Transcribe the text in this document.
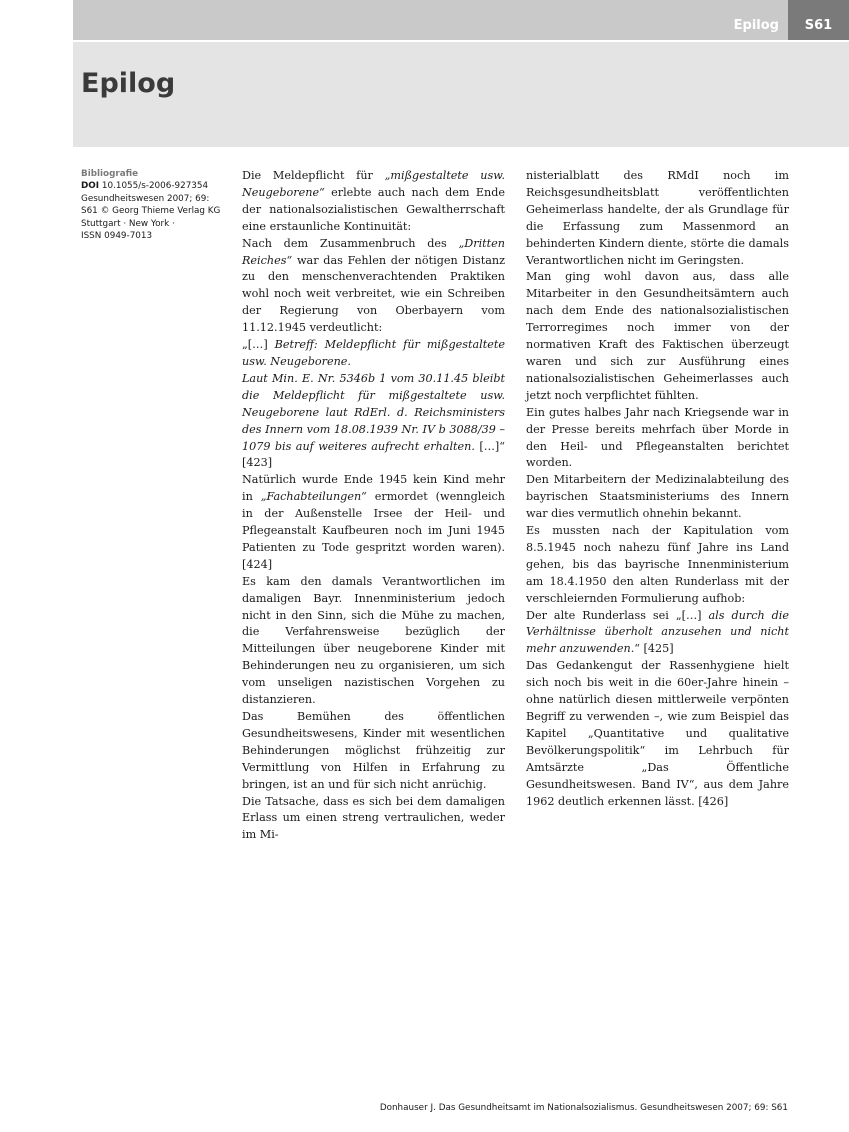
Epilog	S61
Epilog
Bibliografie
DOI 10.1055/s-2006-927354
Gesundheitswesen 2007; 69:
S61 © Georg Thieme Verlag KG
Stuttgart · New York ·
ISSN 0949-7013

Die Meldepflicht für „mißgestaltete usw. Neugeborene“ erlebte auch nach dem Ende der nationalsozialistischen Gewaltherrschaft eine erstaunliche Kontinuität:

Nach dem Zusammenbruch des „Dritten Reiches“ war das Fehlen der nötigen Distanz zu den menschenverachtenden Praktiken wohl noch weit verbreitet, wie ein Schreiben der Regierung von Oberbayern vom 11.12.1945 verdeutlicht:

„[…] Betreff: Meldepflicht für mißgestaltete usw. Neugeborene.

Laut Min. E. Nr. 5346b 1 vom 30.11.45 bleibt die Meldepflicht für mißgestaltete usw. Neugeborene laut RdErl. d. Reichsministers des Innern vom 18.08.1939 Nr. IV b 3088/39 – 1079 bis auf weiteres aufrecht erhalten. […]“ [423]

Natürlich wurde Ende 1945 kein Kind mehr in „Fachabteilungen“ ermordet (wenngleich in der Außenstelle Irsee der Heil- und Pflegeanstalt Kaufbeuren noch im Juni 1945 Patienten zu Tode gespritzt worden waren). [424]

Es kam den damals Verantwortlichen im damaligen Bayr. Innenministerium jedoch nicht in den Sinn, sich die Mühe zu machen, die Verfahrensweise bezüglich der Mitteilungen über neugeborene Kinder mit Behinderungen neu zu organisieren, um sich vom unseligen nazistischen Vorgehen zu distanzieren.

Das Bemühen des öffentlichen Gesundheitswesens, Kinder mit wesentlichen Behinderungen möglichst frühzeitig zur Vermittlung von Hilfen in Erfahrung zu bringen, ist an und für sich nicht anrüchig.

Die Tatsache, dass es sich bei dem damaligen Erlass um einen streng vertraulichen, weder im Mi-

nisterialblatt des RMdI noch im Reichsgesundheitsblatt veröffentlichten Geheimerlass handelte, der als Grundlage für die Erfassung zum Massenmord an behinderten Kindern diente, störte die damals Verantwortlichen nicht im Geringsten.

Man ging wohl davon aus, dass alle Mitarbeiter in den Gesundheitsämtern auch nach dem Ende des nationalsozialistischen Terrorregimes noch immer von der normativen Kraft des Faktischen überzeugt waren und sich zur Ausführung eines nationalsozialistischen Geheimerlasses auch jetzt noch verpflichtet fühlten.

Ein gutes halbes Jahr nach Kriegsende war in der Presse bereits mehrfach über Morde in den Heil- und Pflegeanstalten berichtet worden.

Den Mitarbeitern der Medizinalabteilung des bayrischen Staatsministeriums des Innern war dies vermutlich ohnehin bekannt.

Es mussten nach der Kapitulation vom 8.5.1945 noch nahezu fünf Jahre ins Land gehen, bis das bayrische Innenministerium am 18.4.1950 den alten Runderlass mit der verschleiernden Formulierung aufhob:

Der alte Runderlass sei „[…] als durch die Verhältnisse überholt anzusehen und nicht mehr anzuwenden.“ [425]

Das Gedankengut der Rassenhygiene hielt sich noch bis weit in die 60er-Jahre hinein – ohne natürlich diesen mittlerweile verpönten Begriff zu verwenden –, wie zum Beispiel das Kapitel „Quantitative und qualitative Bevölkerungspolitik“ im Lehrbuch für Amtsärzte „Das Öffentliche Gesundheitswesen. Band IV“, aus dem Jahre 1962 deutlich erkennen lässt. [426]

Donhauser J. Das Gesundheitsamt im Nationalsozialismus. Gesundheitswesen 2007; 69: S61
